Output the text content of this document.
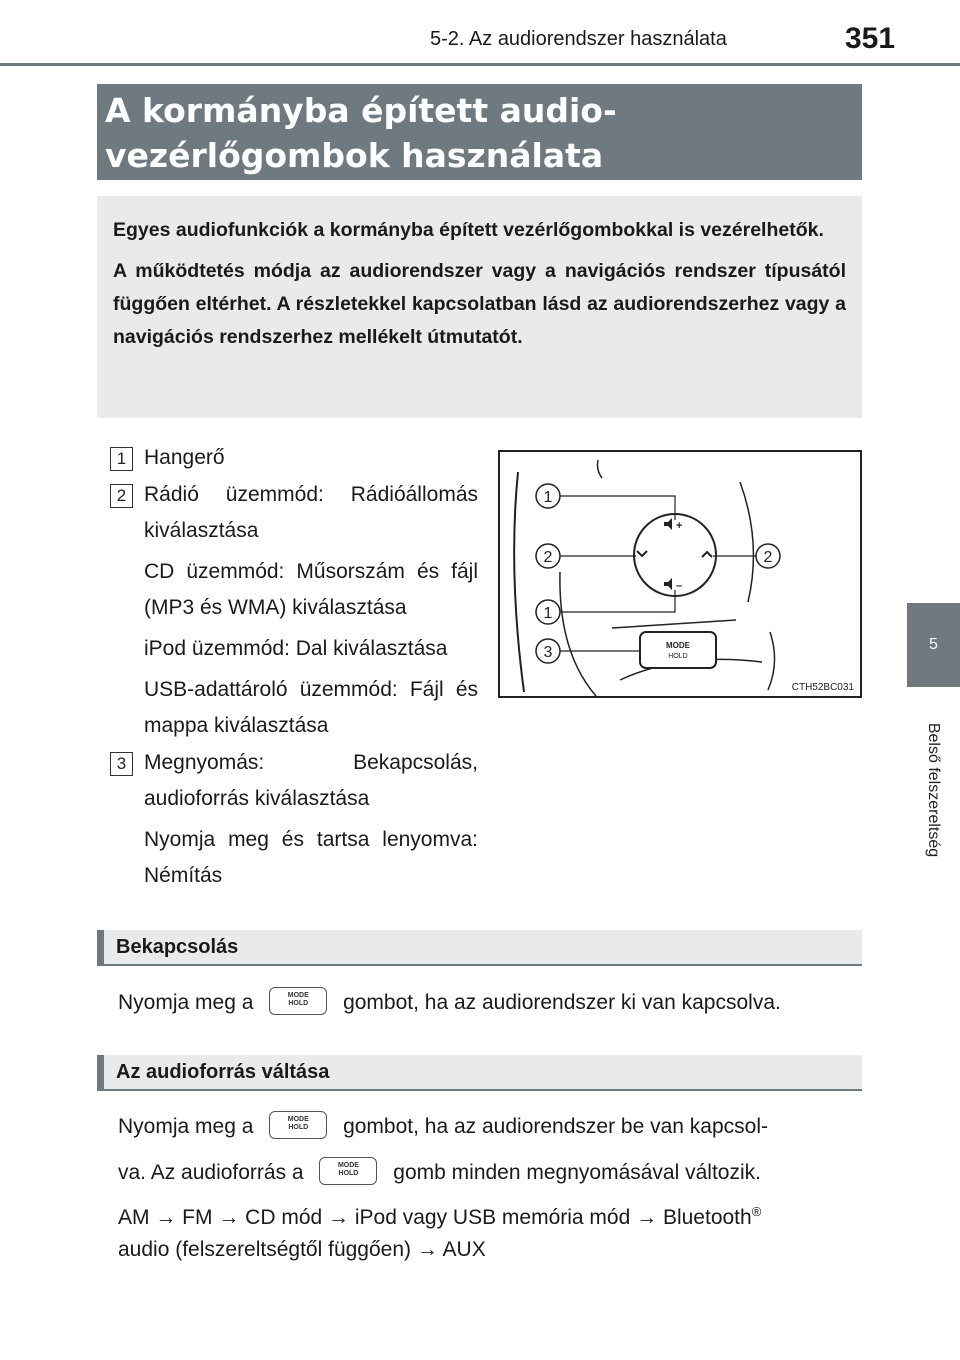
5-2. Az audiorendszer használata	351
5
Belső felszereltség
A kormányba épített audio-vezérlőgombok használata

Egyes audiofunkciók a kormányba épített vezérlőgombokkal is vezérelhetők.

A működtetés módja az audiorendszer vagy a navigációs rendszer típusától függően eltérhet. A részletekkel kapcsolatban lásd az audiorendszerhez vagy a navigációs rendszerhez mellékelt útmutatót.

1 Hangerő
2 Rádió üzemmód: Rádióállomás kiválasztása
CD üzemmód: Műsorszám és fájl (MP3 és WMA) kiválasztása
iPod üzemmód: Dal kiválasztása
USB-adattároló üzemmód: Fájl és mappa kiválasztása
3 Megnyomás: Bekapcsolás, audioforrás kiválasztása
Nyomja meg és tartsa lenyomva: Némítás
+
–
MODE
HOLD
1
2	2
1
3
CTH52BC031
Bekapcsolás
Nyomja meg a	MODE
HOLD	gombot, ha az audiorendszer ki van kapcsolva.
Az audioforrás váltása
Nyomja meg a	MODE
HOLD	gombot, ha az audiorendszer be van kapcsol-
va. Az audioforrás a	MODE
HOLD	gomb minden megnyomásával változik.
AM → FM → CD mód → iPod vagy USB memória mód → Bluetooth®
audio (felszereltségtől függően) → AUX
